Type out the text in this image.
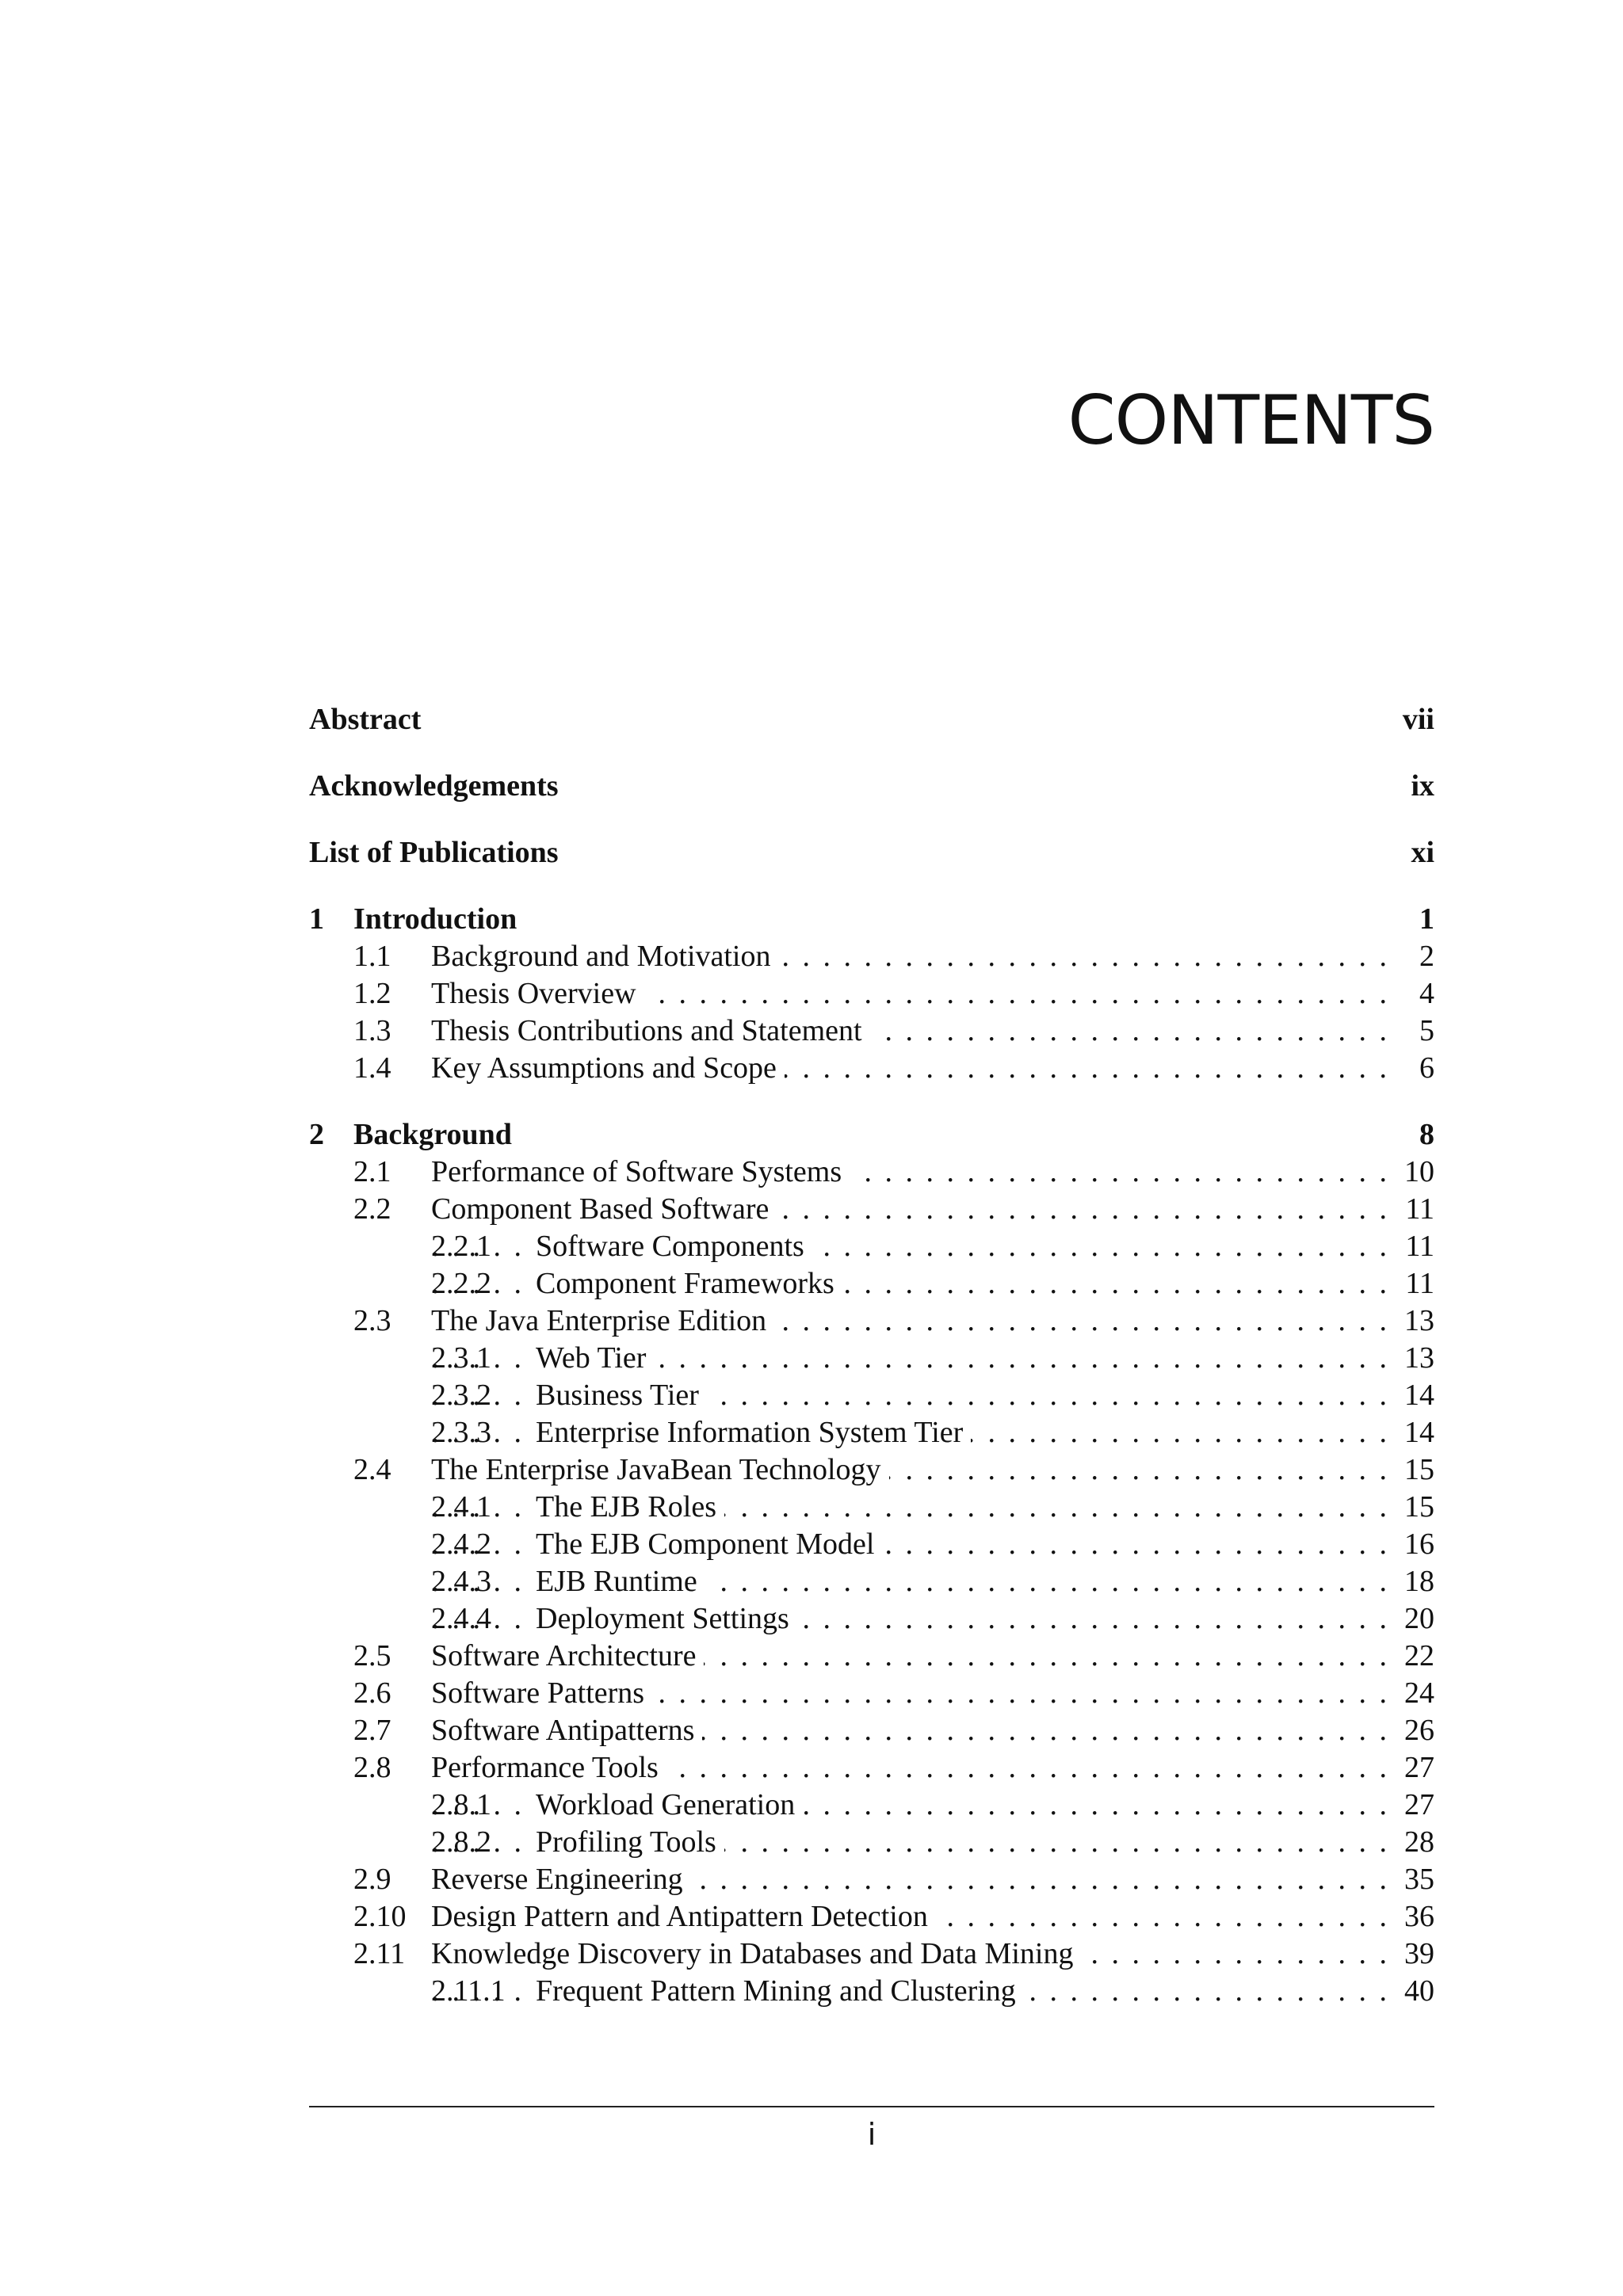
CONTENTS
Abstract	vii
Acknowledgements	ix
List of Publications	xi
1 Introduction	1
. . .
1.1 Background and Motivation	2
. . .
1.2 Thesis Overview	4
. . .
1.3 Thesis Contributions and Statement	5
. . .
1.4 Key Assumptions and Scope	6
2 Background	8
. . .
2.1 Performance of Software Systems	10
. . .
2.2 Component Based Software	11
. . .
2.2.1 Software Components	11
. . .
2.2.2 Component Frameworks	11
. . .
2.3 The Java Enterprise Edition	13
. . .
2.3.1 Web Tier	13
. . .
2.3.2 Business Tier	14
. . .
2.3.3 Enterprise Information System Tier	14
. . .
2.4 The Enterprise JavaBean Technology	15
. . .
2.4.1 The EJB Roles	15
. . .
2.4.2 The EJB Component Model	16
. . .
2.4.3 EJB Runtime	18
. . .
2.4.4 Deployment Settings	20
. . .
2.5 Software Architecture	22
. . .
2.6 Software Patterns	24
. . .
2.7 Software Antipatterns	26
. . .
2.8 Performance Tools	27
. . .
2.8.1 Workload Generation	27
. . .
2.8.2 Profiling Tools	28
. . .
2.9 Reverse Engineering	35
. . .
2.10 Design Pattern and Antipattern Detection	36
. . .
2.11 Knowledge Discovery in Databases and Data Mining	39
. . .
2.11.1 Frequent Pattern Mining and Clustering	40
i
